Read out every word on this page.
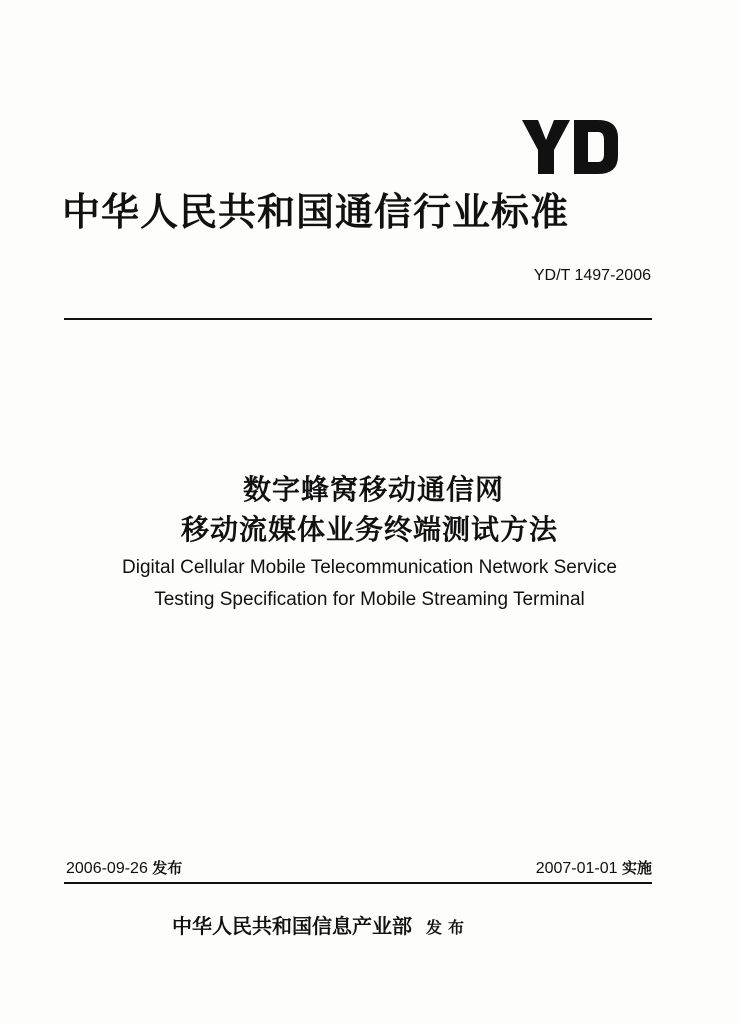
中华人民共和国通信行业标准
YD/T 1497-2006
数字蜂窝移动通信网
移动流媒体业务终端测试方法
Digital Cellular Mobile Telecommunication Network Service
Testing Specification for Mobile Streaming Terminal
2006-09-26 发布	2007-01-01 实施
中华人民共和国信息产业部 发布
